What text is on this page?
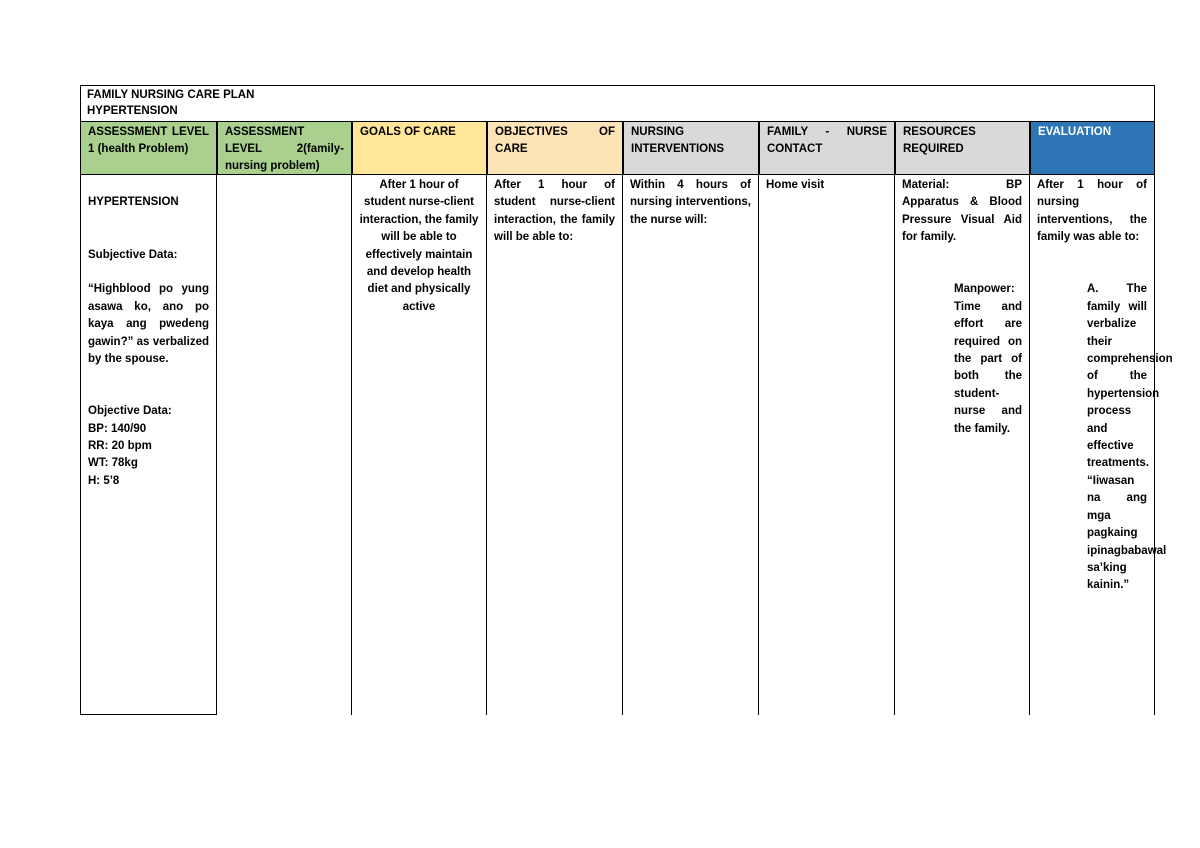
FAMILY NURSING CARE PLAN
HYPERTENSION
ASSESSMENT LEVEL 1 (health Problem)

HYPERTENSION

Subjective Data:

“Highblood po yung asawa ko, ano po kaya ang pwedeng gawin?” as verbalized by the spouse.

Objective Data:

BP: 140/90

RR: 20 bpm

WT: 78kg

H: 5’8

ASSESSMENT LEVEL 2(family- nursing problem)
GOALS OF CARE

After 1 hour of student nurse-client interaction, the family will be able to effectively maintain and develop health diet and physically active

OBJECTIVES OF CARE

After 1 hour of student nurse-client interaction, the family will be able to:

NURSING INTERVENTIONS

Within 4 hours of nursing interventions, the nurse will:

FAMILY - NURSE CONTACT

Home visit

RESOURCES REQUIRED

Material: BP Apparatus & Blood Pressure Visual Aid for family.

Manpower: Time and effort are required on the part of both the student-nurse and the family.

EVALUATION

After 1 hour of nursing interventions, the family was able to:

A. The family will verbalize their comprehension of the hypertension process and effective treatments. “Iiwasan na ang mga pagkaing ipinagbabawal sa’king kainin.”
